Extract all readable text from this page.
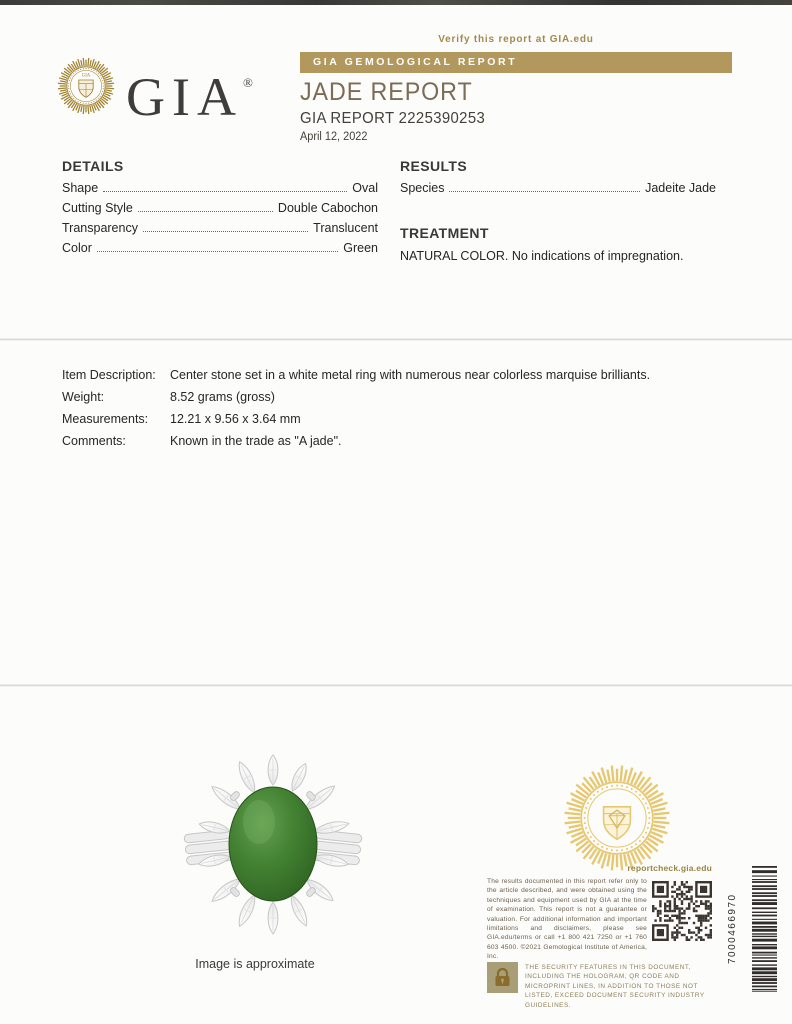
GIA GIA®
Verify this report at GIA.edu
GIA GEMOLOGICAL REPORT
JADE REPORT
GIA REPORT 2225390253
April 12, 2022
DETAILS
Shape	Oval
Cutting Style	Double Cabochon
Transparency	Translucent
Color	Green
RESULTS
Species	Jadeite Jade
TREATMENT
NATURAL COLOR. No indications of impregnation.
Item Description:	Center stone set in a white metal ring with numerous near colorless marquise brilliants.
Weight:	8.52 grams (gross)
Measurements:	12.21 x 9.56 x 3.64 mm
Comments:	Known in the trade as "A jade".
Image is approximate
reportcheck.gia.edu
The results documented in this report refer only to the article described, and were obtained using the techniques and equipment used by GIA at the time of examination. This report is not a guarantee or valuation. For additional information and important limitations and disclaimers, please see GIA.edu/terms or call +1 800 421 7250 or +1 760 603 4500. ©2021 Gemological Institute of America, Inc.
THE SECURITY FEATURES IN THIS DOCUMENT, INCLUDING THE HOLOGRAM, QR CODE AND MICROPRINT LINES, IN ADDITION TO THOSE NOT LISTED, EXCEED DOCUMENT SECURITY INDUSTRY GUIDELINES.
7000466970
